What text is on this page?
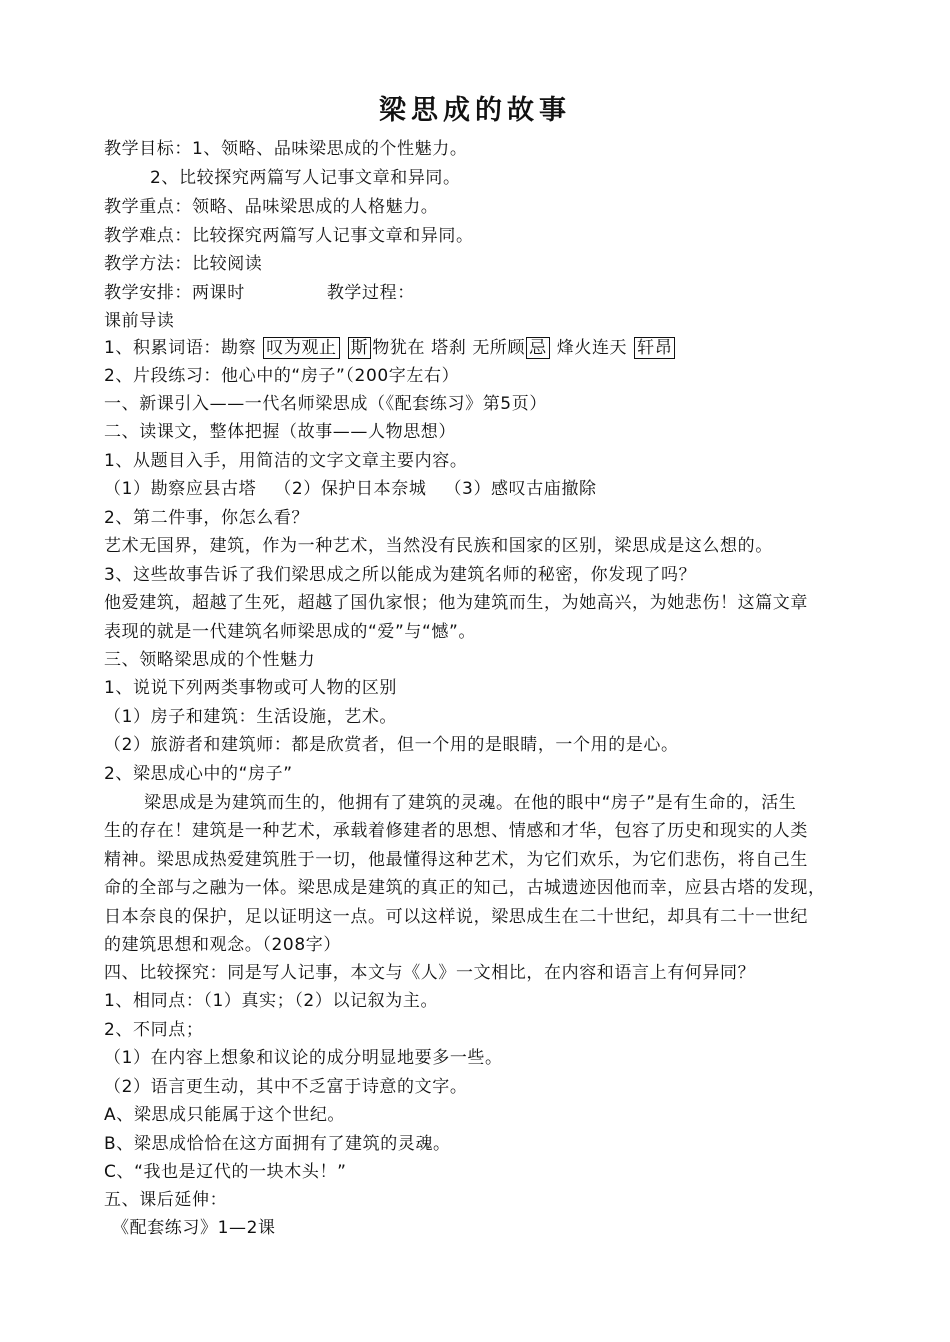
梁思成的故事
教学目标：1、领略、品味梁思成的个性魅力。
2、比较探究两篇写人记事文章和异同。
教学重点：领略、品味梁思成的人格魅力。
教学难点：比较探究两篇写人记事文章和异同。
教学方法：比较阅读
教学安排：两课时	教学过程：
课前导读
1、积累词语：勘察 叹为观止 斯 物犹在 塔刹 无所顾 忌 烽火连天 轩昂
2、片段练习：他心中的“房子”（200字左右）
一、新课引入——一代名师梁思成（《配套练习》第5页）
二、读课文，整体把握（故事——人物思想）
1、从题目入手，用简洁的文字文章主要内容。
（1）勘察应县古塔 （2）保护日本奈城 （3）感叹古庙撤除
2、第二件事，你怎么看？
艺术无国界，建筑，作为一种艺术，当然没有民族和国家的区别，梁思成是这么想的。
3、这些故事告诉了我们梁思成之所以能成为建筑名师的秘密，你发现了吗？
他爱建筑，超越了生死，超越了国仇家恨；他为建筑而生，为她高兴，为她悲伤！这篇文章
表现的就是一代建筑名师梁思成的“爱”与“憾”。
三、领略梁思成的个性魅力
1、说说下列两类事物或可人物的区别
（1）房子和建筑：生活设施，艺术。
（2）旅游者和建筑师：都是欣赏者，但一个用的是眼睛，一个用的是心。
2、梁思成心中的“房子”
梁思成是为建筑而生的，他拥有了建筑的灵魂。在他的眼中“房子”是有生命的，活生
生的存在！建筑是一种艺术，承载着修建者的思想、情感和才华，包容了历史和现实的人类
精神。梁思成热爱建筑胜于一切，他最懂得这种艺术，为它们欢乐，为它们悲伤，将自己生
命的全部与之融为一体。梁思成是建筑的真正的知己，古城遗迹因他而幸，应县古塔的发现，
日本奈良的保护，足以证明这一点。可以这样说，梁思成生在二十世纪，却具有二十一世纪
的建筑思想和观念。（208字）
四、比较探究：同是写人记事，本文与《人》一文相比，在内容和语言上有何异同？
1、相同点：（1）真实；（2）以记叙为主。
2、不同点；
（1）在内容上想象和议论的成分明显地要多一些。
（2）语言更生动，其中不乏富于诗意的文字。
A、梁思成只能属于这个世纪。
B、梁思成恰恰在这方面拥有了建筑的灵魂。
C、“我也是辽代的一块木头！”
五、课后延伸：
《配套练习》1—2课
